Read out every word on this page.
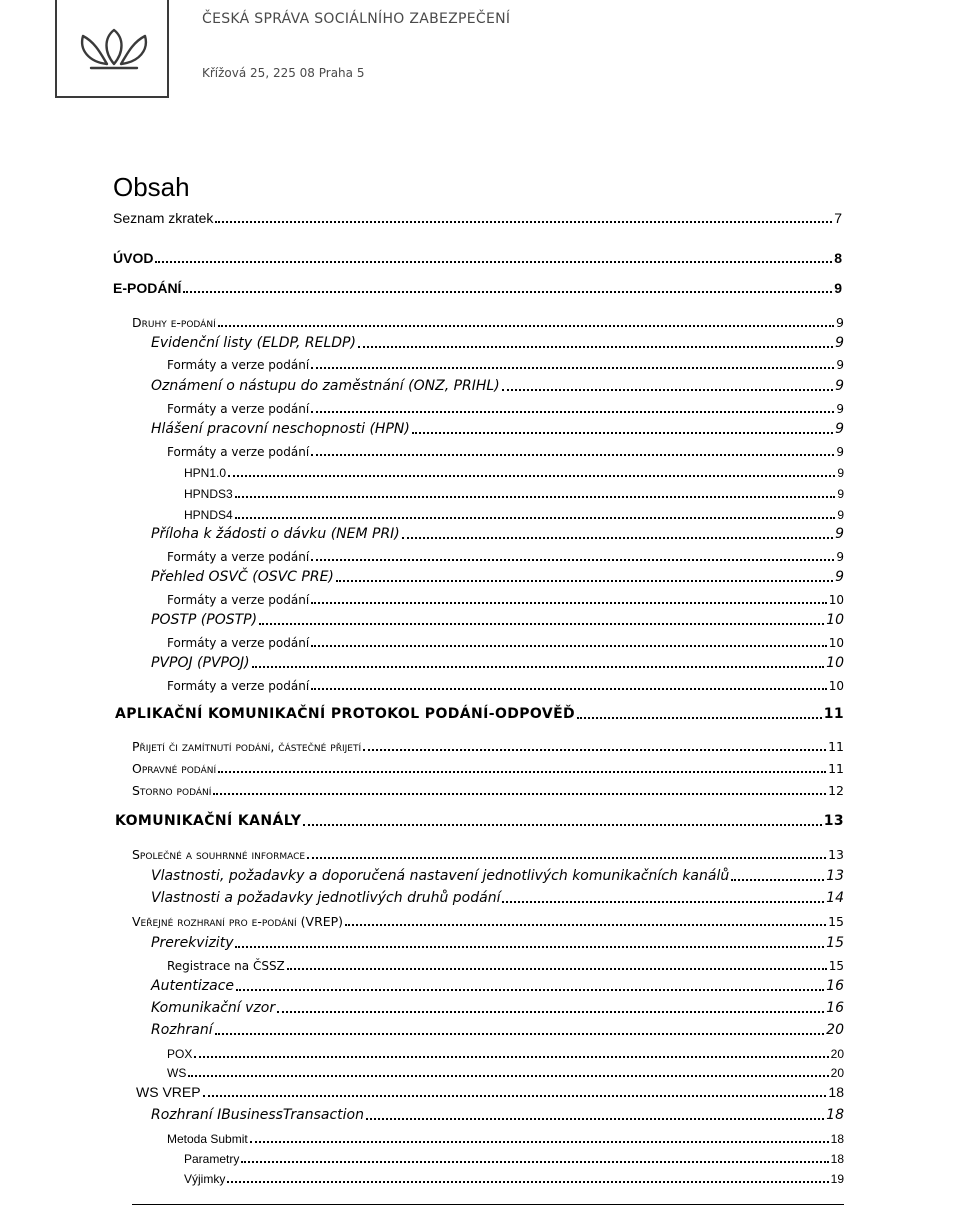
ČESKÁ SPRÁVA SOCIÁLNÍHO ZABEZPEČENÍ
Křížová 25, 225 08 Praha 5
Obsah
Seznam zkratek	7
ÚVOD	8
E-PODÁNÍ	9
Druhy e-podání	9
Evidenční listy (ELDP, RELDP)	9
Formáty a verze podání	9
Oznámení o nástupu do zaměstnání (ONZ, PRIHL)	9
Formáty a verze podání	9
Hlášení pracovní neschopnosti (HPN)	9
Formáty a verze podání	9
HPN1.0	9
HPNDS3	9
HPNDS4	9
Příloha k žádosti o dávku (NEM PRI)	9
Formáty a verze podání	9
Přehled OSVČ (OSVC PRE)	9
Formáty a verze podání	10
POSTP (POSTP)	10
Formáty a verze podání	10
PVPOJ (PVPOJ)	10
Formáty a verze podání	10
APLIKAČNÍ KOMUNIKAČNÍ PROTOKOL PODÁNÍ-ODPOVĚĎ	11
Přijetí či zamítnutí podání, částečné přijetí	11
Opravné podání	11
Storno podání	12
KOMUNIKAČNÍ KANÁLY	13
Společné a souhrnné informace	13
Vlastnosti, požadavky a doporučená nastavení jednotlivých komunikačních kanálů	13
Vlastnosti a požadavky jednotlivých druhů podání	14
Veřejné rozhraní pro e-podání (VREP)	15
Prerekvizity	15
Registrace na ČSSZ	15
Autentizace	16
Komunikační vzor	16
Rozhraní	20
POX	20
WS	20
WS VREP	18
Rozhraní IBusinessTransaction	18
Metoda Submit	18
Parametry	18
Výjimky	19
